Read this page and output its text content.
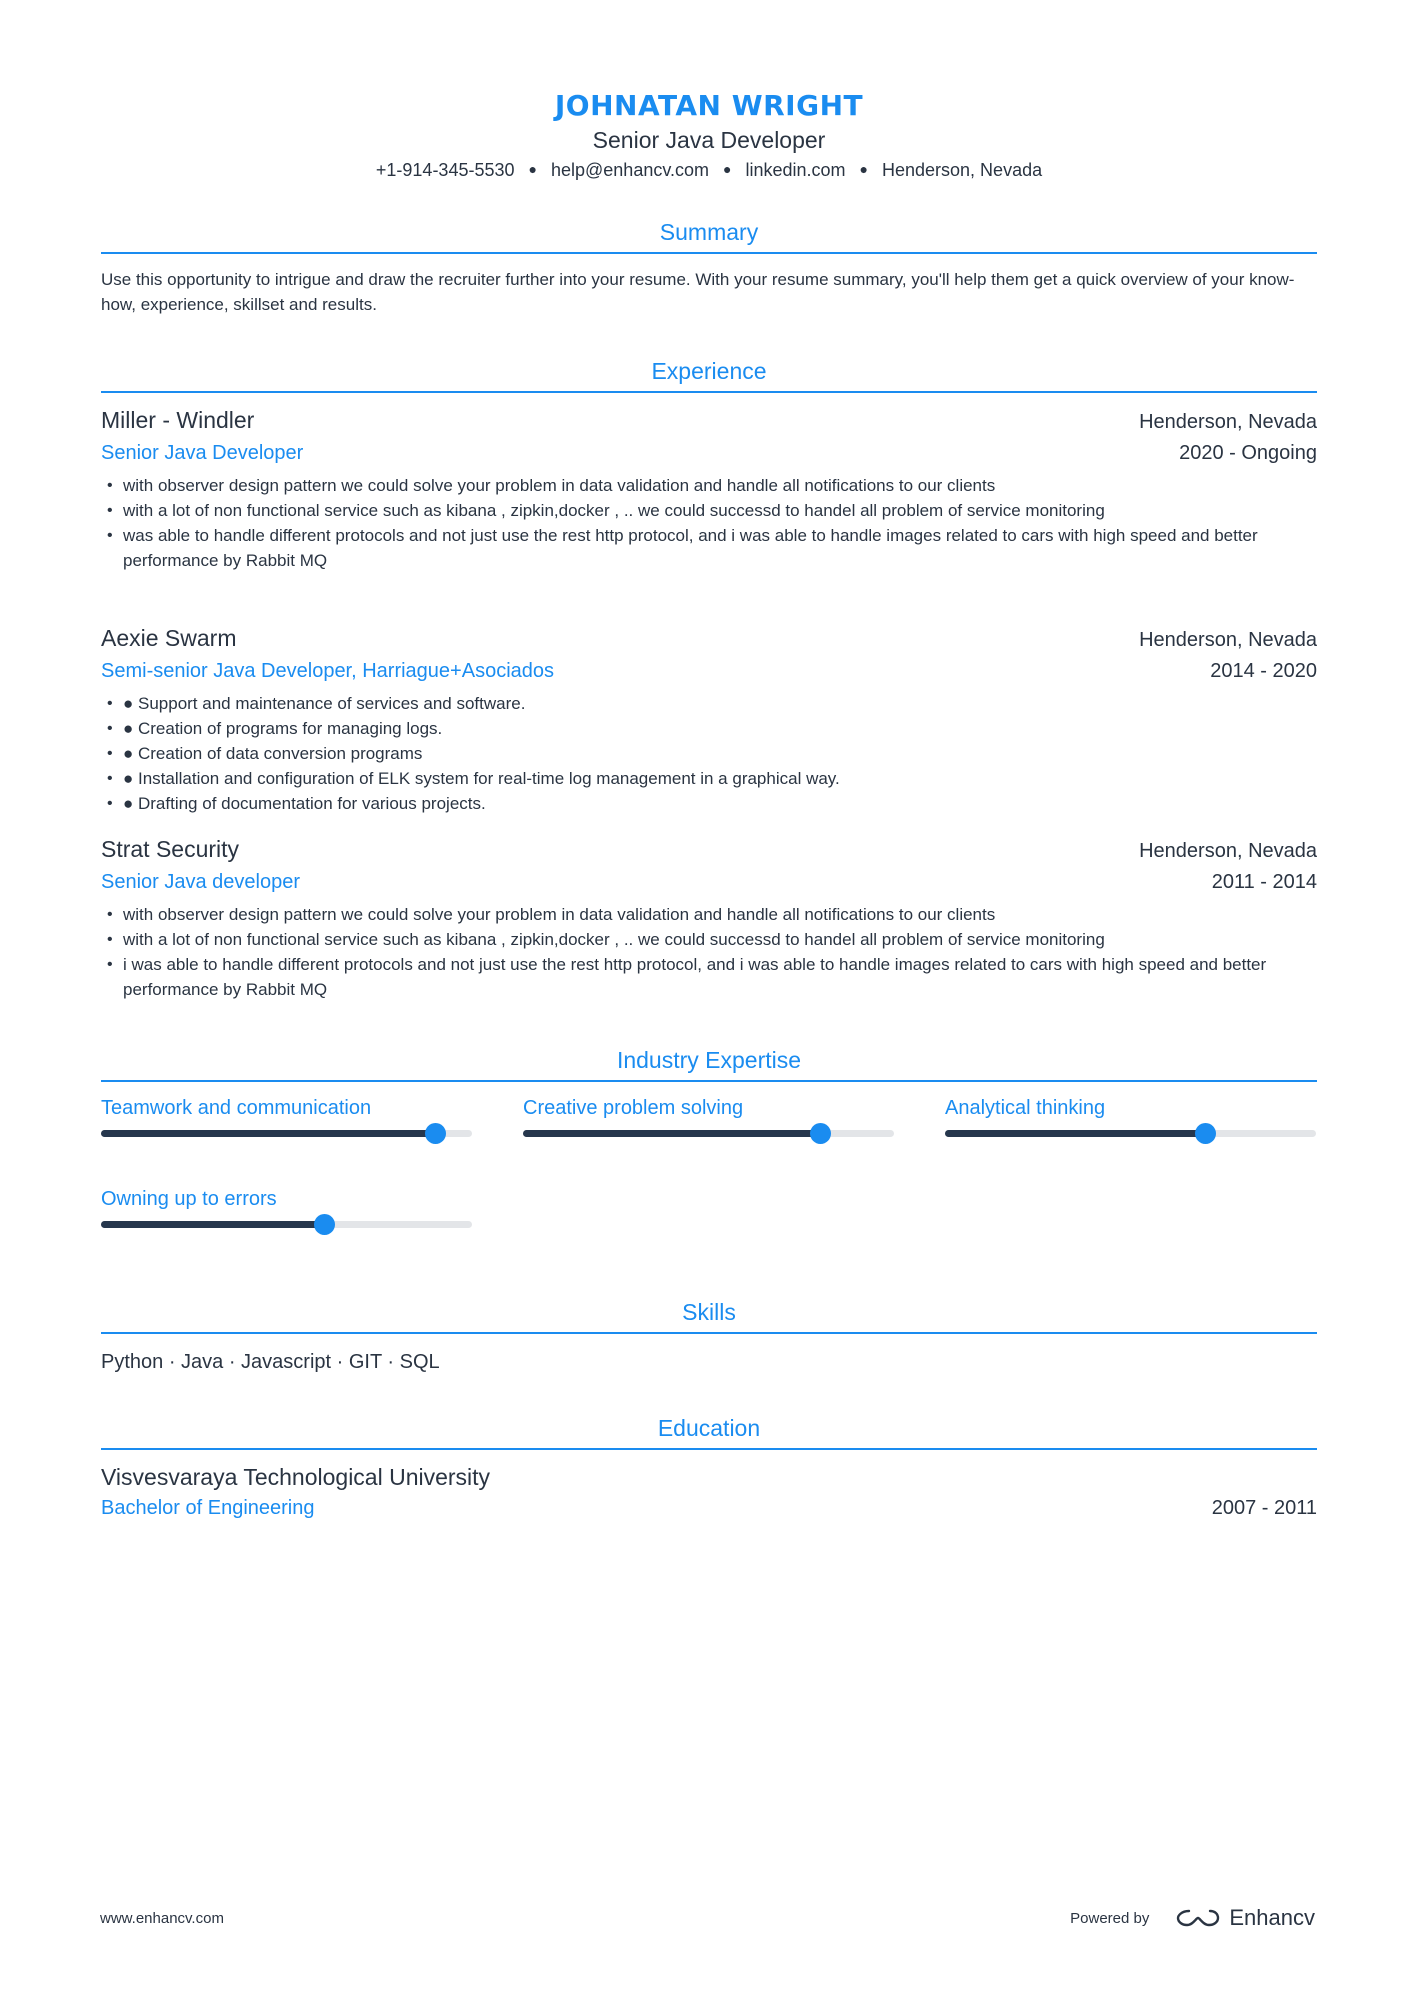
JOHNATAN WRIGHT
Senior Java Developer
+1-914-345-5530 ● help@enhancv.com ● linkedin.com ● Henderson, Nevada
Summary
Use this opportunity to intrigue and draw the recruiter further into your resume. With your resume summary, you'll help them get a quick overview of your know-how, experience, skillset and results.
Experience
Miller - Windler	Henderson, Nevada
Senior Java Developer	2020 - Ongoing
• with observer design pattern we could solve your problem in data validation and handle all notifications to our clients
• with a lot of non functional service such as kibana , zipkin,docker , .. we could successd to handel all problem of service monitoring
• was able to handle different protocols and not just use the rest http protocol, and i was able to handle images related to cars with high speed and better performance by Rabbit MQ
Aexie Swarm	Henderson, Nevada
Semi-senior Java Developer, Harriague+Asociados	2014 - 2020
• ● Support and maintenance of services and software.
• ● Creation of programs for managing logs.
• ● Creation of data conversion programs
• ● Installation and configuration of ELK system for real-time log management in a graphical way.
• ● Drafting of documentation for various projects.
Strat Security	Henderson, Nevada
Senior Java developer	2011 - 2014
• with observer design pattern we could solve your problem in data validation and handle all notifications to our clients
• with a lot of non functional service such as kibana , zipkin,docker , .. we could successd to handel all problem of service monitoring
• i was able to handle different protocols and not just use the rest http protocol, and i was able to handle images related to cars with high speed and better performance by Rabbit MQ
Industry Expertise
Teamwork and communication	Creative problem solving	Analytical thinking
Owning up to errors
Skills
Python · Java · Javascript · GIT · SQL
Education
Visvesvaraya Technological University
Bachelor of Engineering	2007 - 2011
www.enhancv.com	Powered by	Enhancv
